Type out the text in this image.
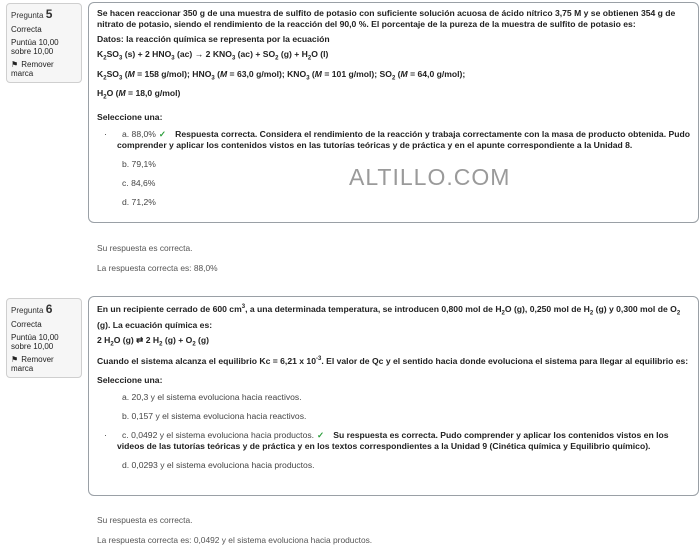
Pregunta 5
Correcta
Puntúa 10,00 sobre 10,00
⚑ Remover marca

Se hacen reaccionar 350 g de una muestra de sulfito de potasio con suficiente solución acuosa de ácido nítrico 3,75 M y se obtienen 354 g de nitrato de potasio, siendo el rendimiento de la reacción del 90,0 %. El porcentaje de la pureza de la muestra de sulfito de potasio es:

Datos: la reacción química se representa por la ecuación

$K_2SO_3$ (s) + 2 $HNO_3$ (ac) → 2 $KNO_3$ $(ac) + SO_2$ $(g) + H_2O$ (l)

$K_2SO_3$ (M = 158 g/mol); $HNO_3$ (M = 63,0 g/mol); $KNO_3$ (M = 101 g/mol); $SO_2$ (M = 64,0 g/mol);

$H_2O$ (M = 18,0 g/mol)

Seleccione una:
· a. 88,0% ✓ Respuesta correcta. Considera el rendimiento de la reacción y trabaja correctamente con la masa de producto obtenida. Pudo comprender y aplicar los contenidos vistos en las tutorías teóricas y de práctica y en el apunte correspondiente a la Unidad 8.
b. 79,1%
c. 84,6%
d. 71,2%
ALTILLO.COM
Su respuesta es correcta.
La respuesta correcta es: 88,0%
Pregunta 6
Correcta
Puntúa 10,00 sobre 10,00
⚑ Remover marca

En un recipiente cerrado de 600 $cm^3$, a una determinada temperatura, se introducen 0,800 mol de $H_2O$ (g), 0,250 mol de $H_2$ (g) y 0,300 mol de $O_2$ (g). La ecuación química es:

2 $H_2O$ (g) ⇄ 2 $H_2$ $(g) + O_2$ (g)

Cuando el sistema alcanza el equilibrio Kc = 6,21 x $10^{-3}$. El valor de Qc y el sentido hacia donde evoluciona el sistema para llegar al equilibrio es:

Seleccione una:
a. 20,3 y el sistema evoluciona hacia reactivos.
b. 0,157 y el sistema evoluciona hacia reactivos.
· c. 0,0492 y el sistema evoluciona hacia productos. ✓ Su respuesta es correcta. Pudo comprender y aplicar los contenidos vistos en los videos de las tutorías teóricas y de práctica y en los textos correspondientes a la Unidad 9 (Cinética química y Equilibrio químico).
d. 0,0293 y el sistema evoluciona hacia productos.
Su respuesta es correcta.
La respuesta correcta es: 0,0492 y el sistema evoluciona hacia productos.
